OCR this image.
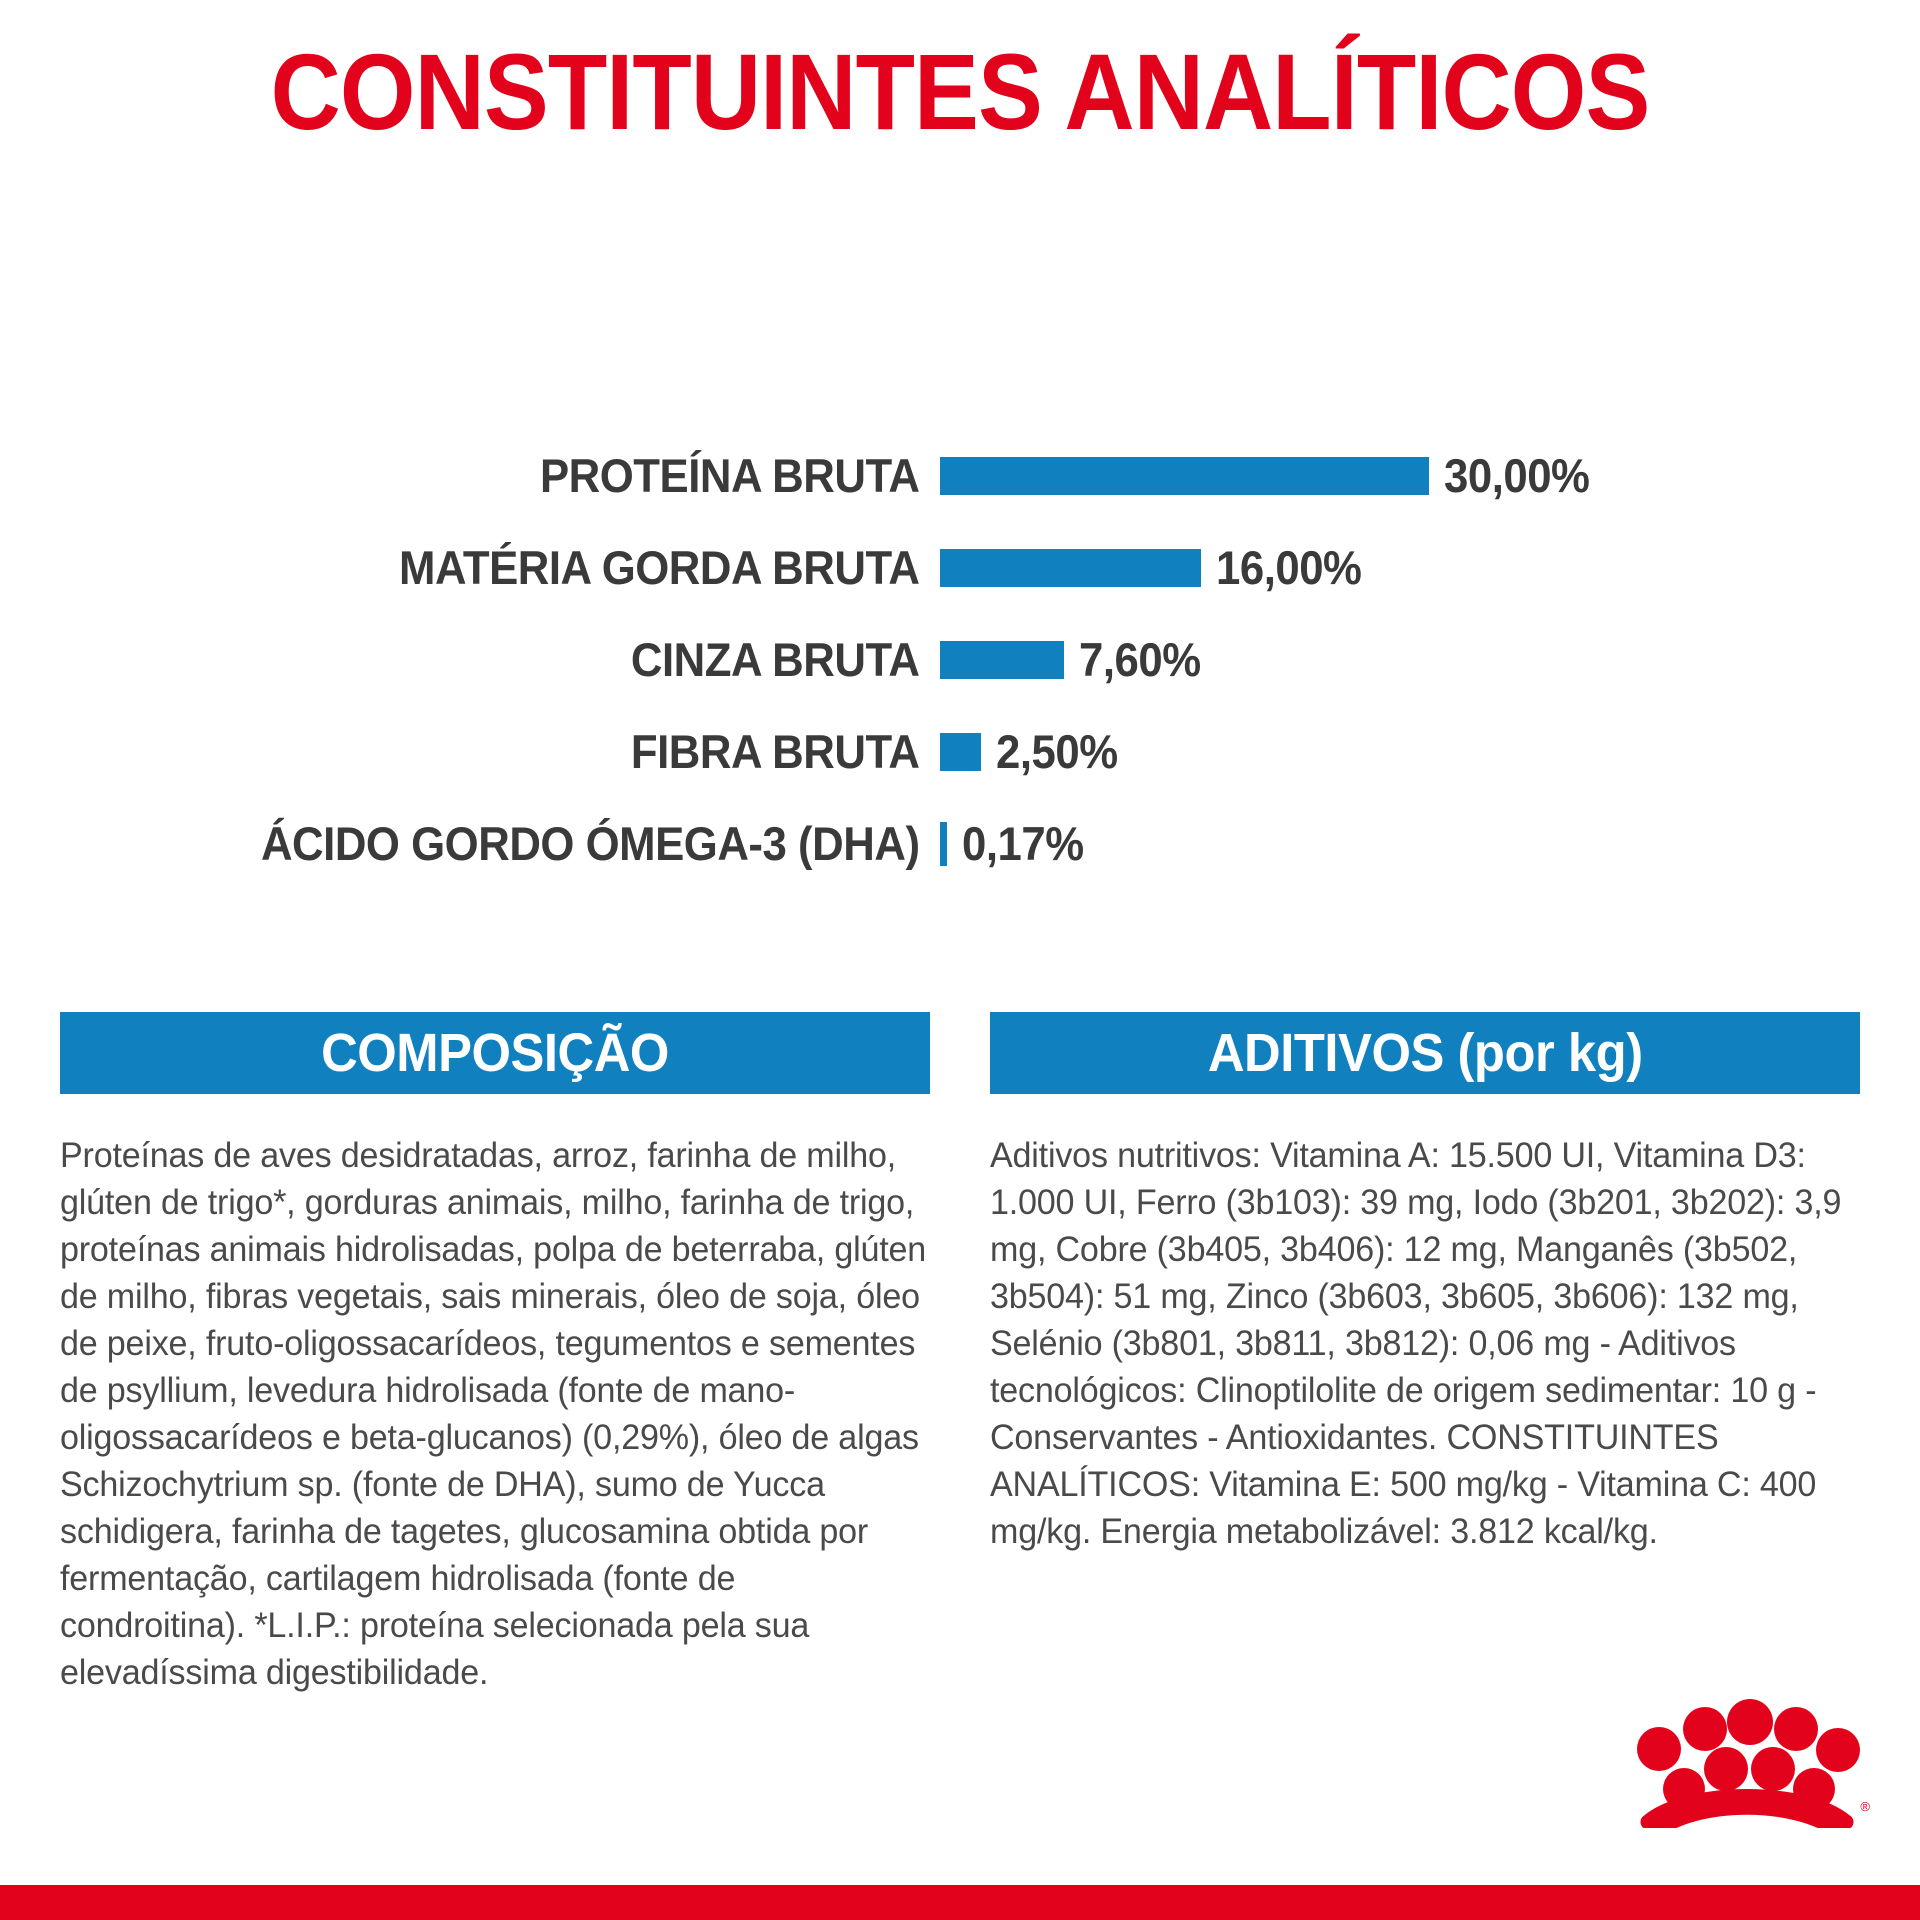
CONSTITUINTES ANALÍTICOS
PROTEÍNA BRUTA	30,00%
MATÉRIA GORDA BRUTA	16,00%
CINZA BRUTA	7,60%
FIBRA BRUTA	2,50%
ÁCIDO GORDO ÓMEGA-3 (DHA) 0,17%
COMPOSIÇÃO
Proteínas de aves desidratadas, arroz, farinha de milho, glúten de trigo*, gorduras animais, milho, farinha de trigo, proteínas animais hidrolisadas, polpa de beterraba, glúten de milho, fibras vegetais, sais minerais, óleo de soja, óleo de peixe, fruto-oligossacarídeos, tegumentos e sementes de psyllium, levedura hidrolisada (fonte de mano-oligossacarídeos e beta-glucanos) (0,29%), óleo de algas Schizochytrium sp. (fonte de DHA), sumo de Yucca schidigera, farinha de tagetes, glucosamina obtida por fermentação, cartilagem hidrolisada (fonte de condroitina). *L.I.P.: proteína selecionada pela sua elevadíssima digestibilidade.
ADITIVOS (por kg)
Aditivos nutritivos: Vitamina A: 15.500 UI, Vitamina D3: 1.000 UI, Ferro (3b103): 39 mg, Iodo (3b201, 3b202): 3,9 mg, Cobre (3b405, 3b406): 12 mg, Manganês (3b502, 3b504): 51 mg, Zinco (3b603, 3b605, 3b606): 132 mg, Selénio (3b801, 3b811, 3b812): 0,06 mg - Aditivos tecnológicos: Clinoptilolite de origem sedimentar: 10 g - Conservantes - Antioxidantes. CONSTITUINTES ANALÍTICOS: Vitamina E: 500 mg/kg - Vitamina C: 400 mg/kg. Energia metabolizável: 3.812 kcal/kg.
®
